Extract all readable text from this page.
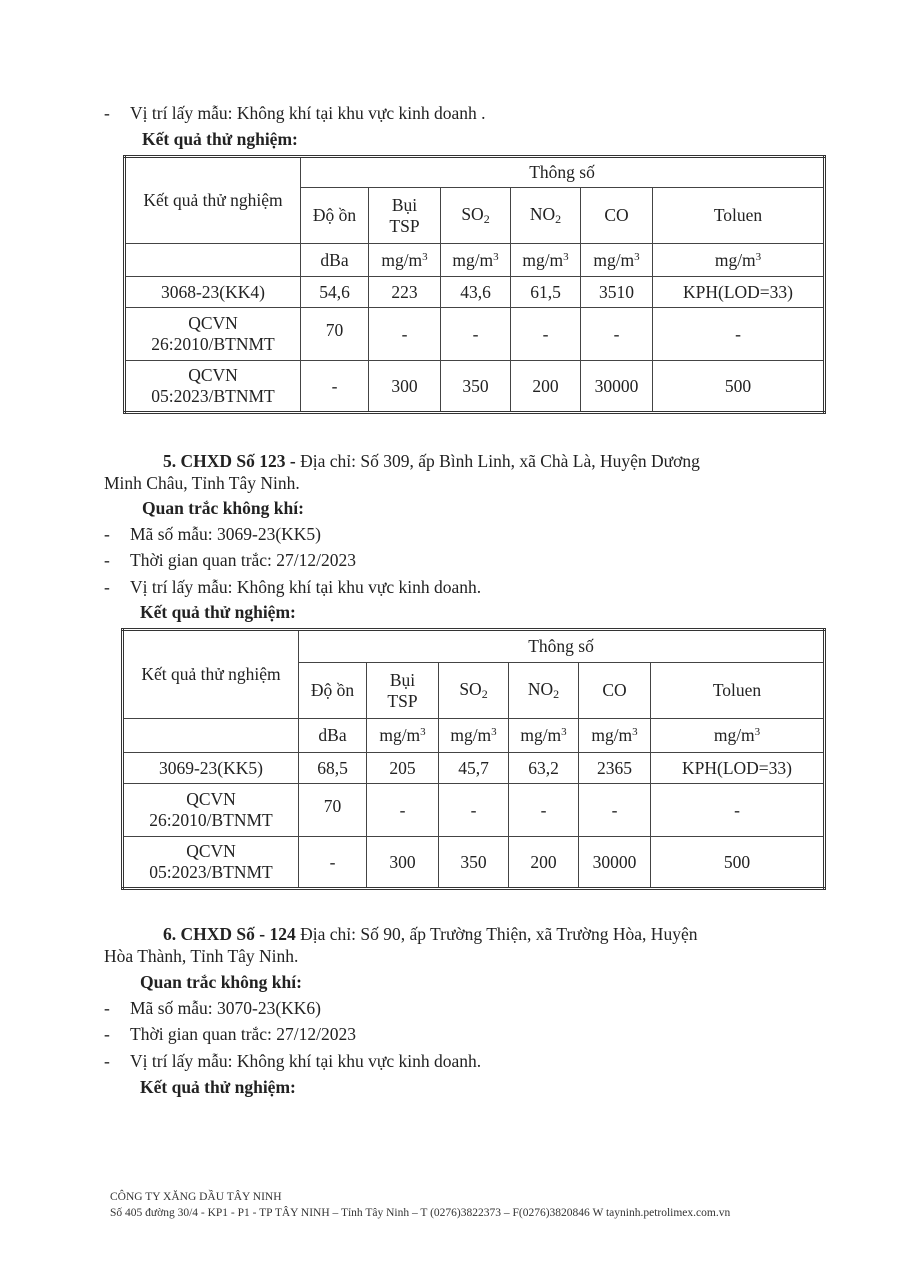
- Vị trí lấy mẫu: Không khí tại khu vực kinh doanh .
Kết quả thử nghiệm:
Kết quả thử nghiệm	Thông số					
	Độ ồn	Bụi TSP	$SO_2$	$NO_2$	CO	Toluen
	dBa	$mg/m^3$	$mg/m^3$	$mg/m^3$	$mg/m^3$	$mg/m^3$
3068-23(KK4)	54,6	223	43,6	61,5	3510	KPH(LOD=33)
QCVN 26:2010/BTNMT	70	-	-	-	-	-
QCVN 05:2023/BTNMT	-	300	350	200	30000	500
5. CHXD Số 123 - Địa chỉ: Số 309, ấp Bình Linh, xã Chà Là, Huyện Dương
Minh Châu, Tỉnh Tây Ninh.
Quan trắc không khí:
- Mã số mẫu: 3069-23(KK5)
- Thời gian quan trắc: 27/12/2023
- Vị trí lấy mẫu: Không khí tại khu vực kinh doanh.
Kết quả thử nghiệm:
Kết quả thử nghiệm	Thông số					
	Độ ồn	Bụi TSP	$SO_2$	$NO_2$	CO	Toluen
	dBa	$mg/m^3$	$mg/m^3$	$mg/m^3$	$mg/m^3$	$mg/m^3$
3069-23(KK5)	68,5	205	45,7	63,2	2365	KPH(LOD=33)
QCVN 26:2010/BTNMT	70	-	-	-	-	-
QCVN 05:2023/BTNMT	-	300	350	200	30000	500
6. CHXD Số - 124 Địa chỉ: Số 90, ấp Trường Thiện, xã Trường Hòa, Huyện
Hòa Thành, Tỉnh Tây Ninh.
Quan trắc không khí:
- Mã số mẫu: 3070-23(KK6)
- Thời gian quan trắc: 27/12/2023
- Vị trí lấy mẫu: Không khí tại khu vực kinh doanh.
Kết quả thử nghiệm:
CÔNG TY XĂNG DẦU TÂY NINH
Số 405 đường 30/4 - KP1 - P1 - TP TÂY NINH – Tỉnh Tây Ninh – T (0276)3822373 – F(0276)3820846 W tayninh.petrolimex.com.vn
